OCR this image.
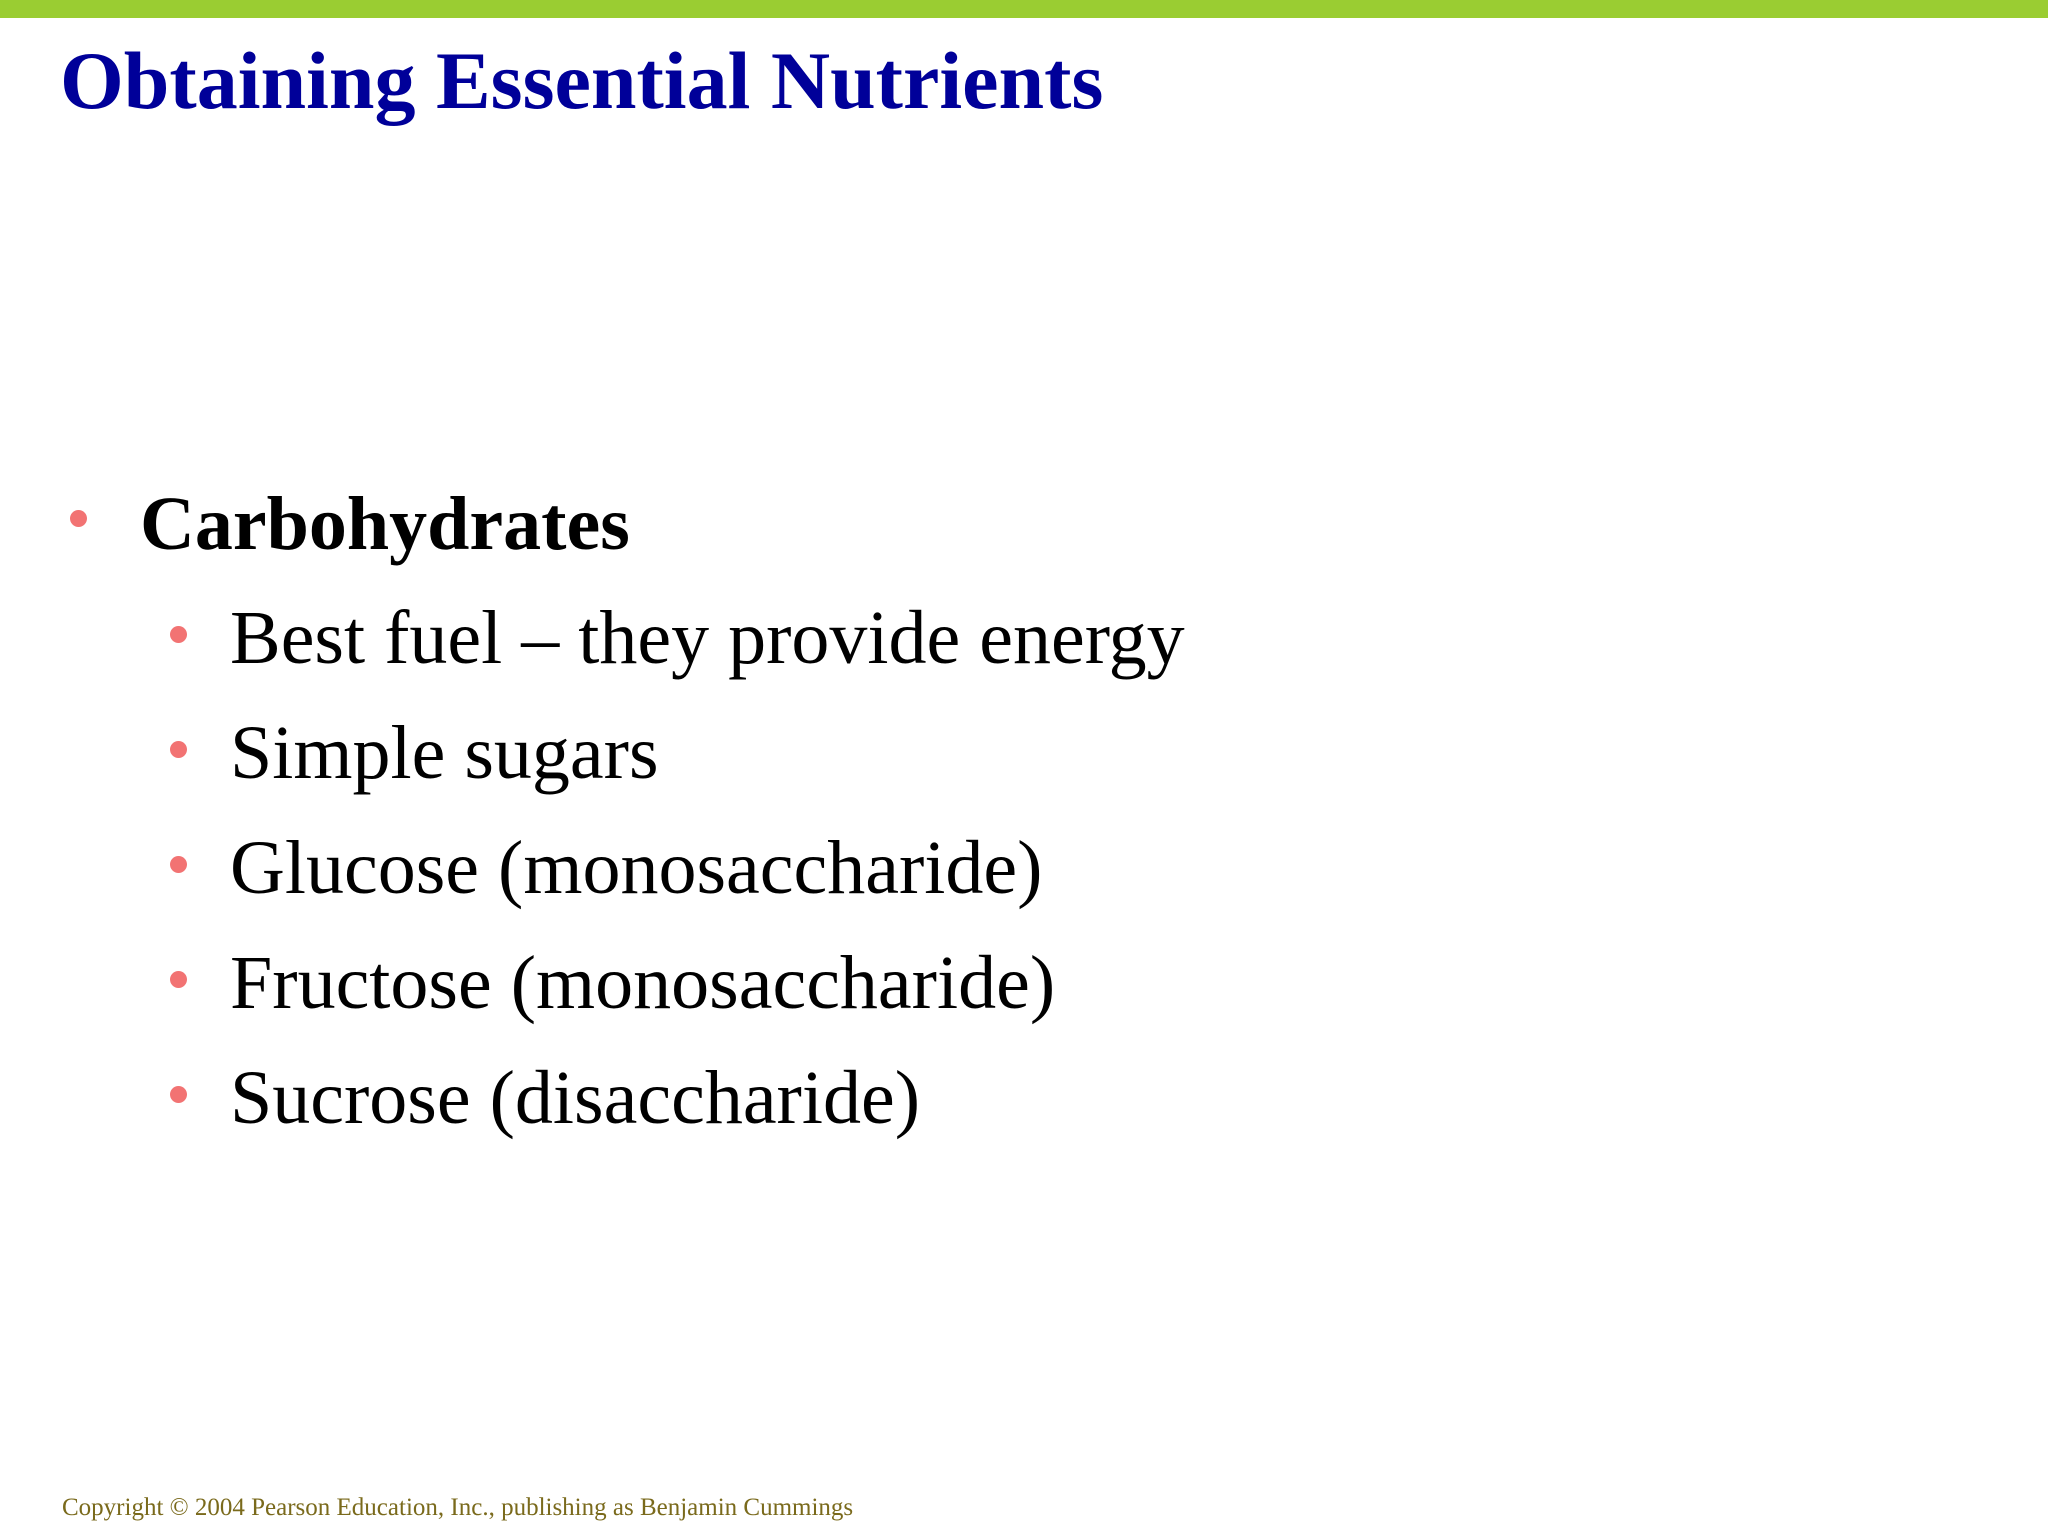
Obtaining Essential Nutrients
Carbohydrates
Best fuel – they provide energy
Simple sugars
Glucose (monosaccharide)
Fructose (monosaccharide)
Sucrose (disaccharide)
Copyright © 2004 Pearson Education, Inc., publishing as Benjamin Cummings
